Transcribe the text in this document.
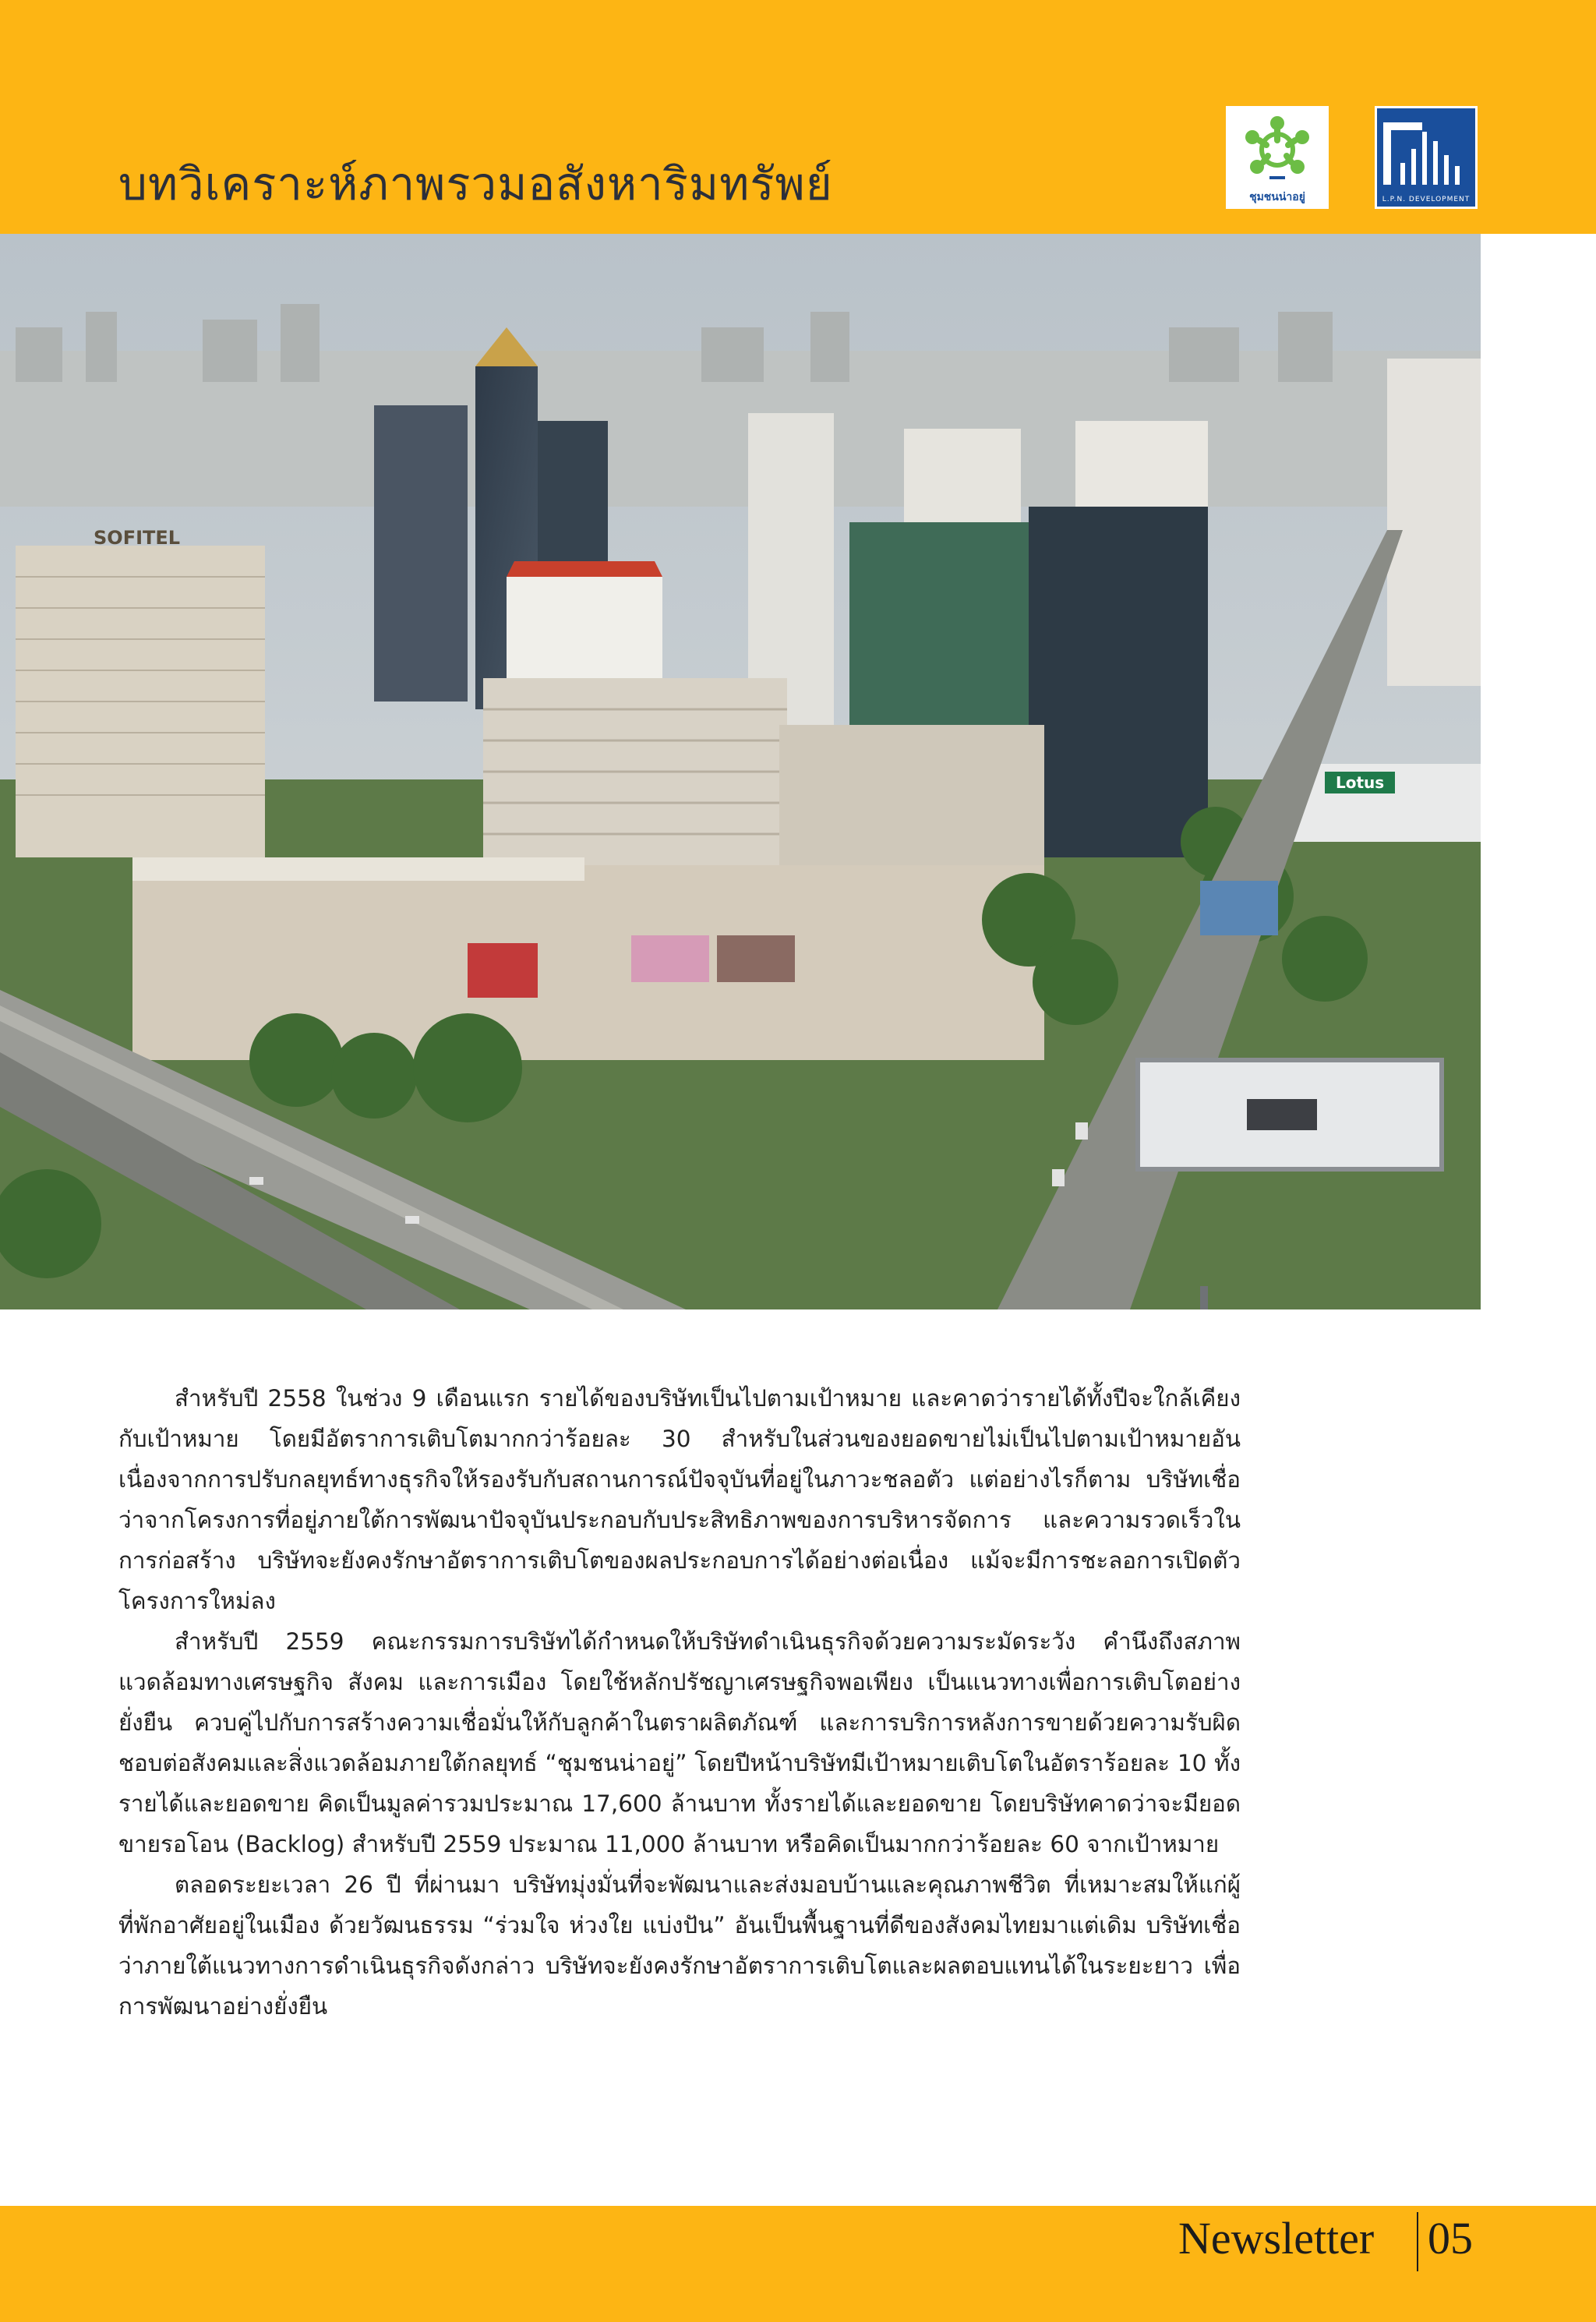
บทวิเคราะห์ภาพรวมอสังหาริมทรัพย์	ชุมชนน่าอยู่	L.P.N. DEVELOPMENT
SOFITEL
Lotus

สำหรับปี 2558 ในช่วง 9 เดือนแรก รายได้ของบริษัทเป็นไปตามเป้าหมาย และคาดว่ารายได้ทั้งปีจะใกล้เคียงกับเป้าหมาย โดยมีอัตราการเติบโตมากกว่าร้อยละ 30 สำหรับในส่วนของยอดขายไม่เป็นไปตามเป้าหมายอันเนื่องจากการปรับกลยุทธ์ทางธุรกิจให้รองรับกับสถานการณ์ปัจจุบันที่อยู่ในภาวะชลอตัว แต่อย่างไรก็ตาม บริษัทเชื่อว่าจากโครงการที่อยู่ภายใต้การพัฒนาปัจจุบันประกอบกับประสิทธิภาพของการบริหารจัดการ และความรวดเร็วในการก่อสร้าง บริษัทจะยังคงรักษาอัตราการเติบโตของผลประกอบการได้อย่างต่อเนื่อง แม้จะมีการชะลอการเปิดตัวโครงการใหม่ลง

สำหรับปี 2559 คณะกรรมการบริษัทได้กำหนดให้บริษัทดำเนินธุรกิจด้วยความระมัดระวัง คำนึงถึงสภาพแวดล้อมทางเศรษฐกิจ สังคม และการเมือง โดยใช้หลักปรัชญาเศรษฐกิจพอเพียง เป็นแนวทางเพื่อการเติบโตอย่างยั่งยืน ควบคู่ไปกับการสร้างความเชื่อมั่นให้กับลูกค้าในตราผลิตภัณฑ์ และการบริการหลังการขายด้วยความรับผิดชอบต่อสังคมและสิ่งแวดล้อมภายใต้กลยุทธ์ “ชุมชนน่าอยู่” โดยปีหน้าบริษัทมีเป้าหมายเติบโตในอัตราร้อยละ 10 ทั้งรายได้และยอดขาย คิดเป็นมูลค่ารวมประมาณ 17,600 ล้านบาท ทั้งรายได้และยอดขาย โดยบริษัทคาดว่าจะมียอดขายรอโอน (Backlog) สำหรับปี 2559 ประมาณ 11,000 ล้านบาท หรือคิดเป็นมากกว่าร้อยละ 60 จากเป้าหมาย

ตลอดระยะเวลา 26 ปี ที่ผ่านมา บริษัทมุ่งมั่นที่จะพัฒนาและส่งมอบบ้านและคุณภาพชีวิต ที่เหมาะสมให้แก่ผู้ที่พักอาศัยอยู่ในเมือง ด้วยวัฒนธรรม “ร่วมใจ ห่วงใย แบ่งปัน” อันเป็นพื้นฐานที่ดีของสังคมไทยมาแต่เดิม บริษัทเชื่อว่าภายใต้แนวทางการดำเนินธุรกิจดังกล่าว บริษัทจะยังคงรักษาอัตราการเติบโตและผลตอบแทนได้ในระยะยาว เพื่อการพัฒนาอย่างยั่งยืน

Newsletter 05
